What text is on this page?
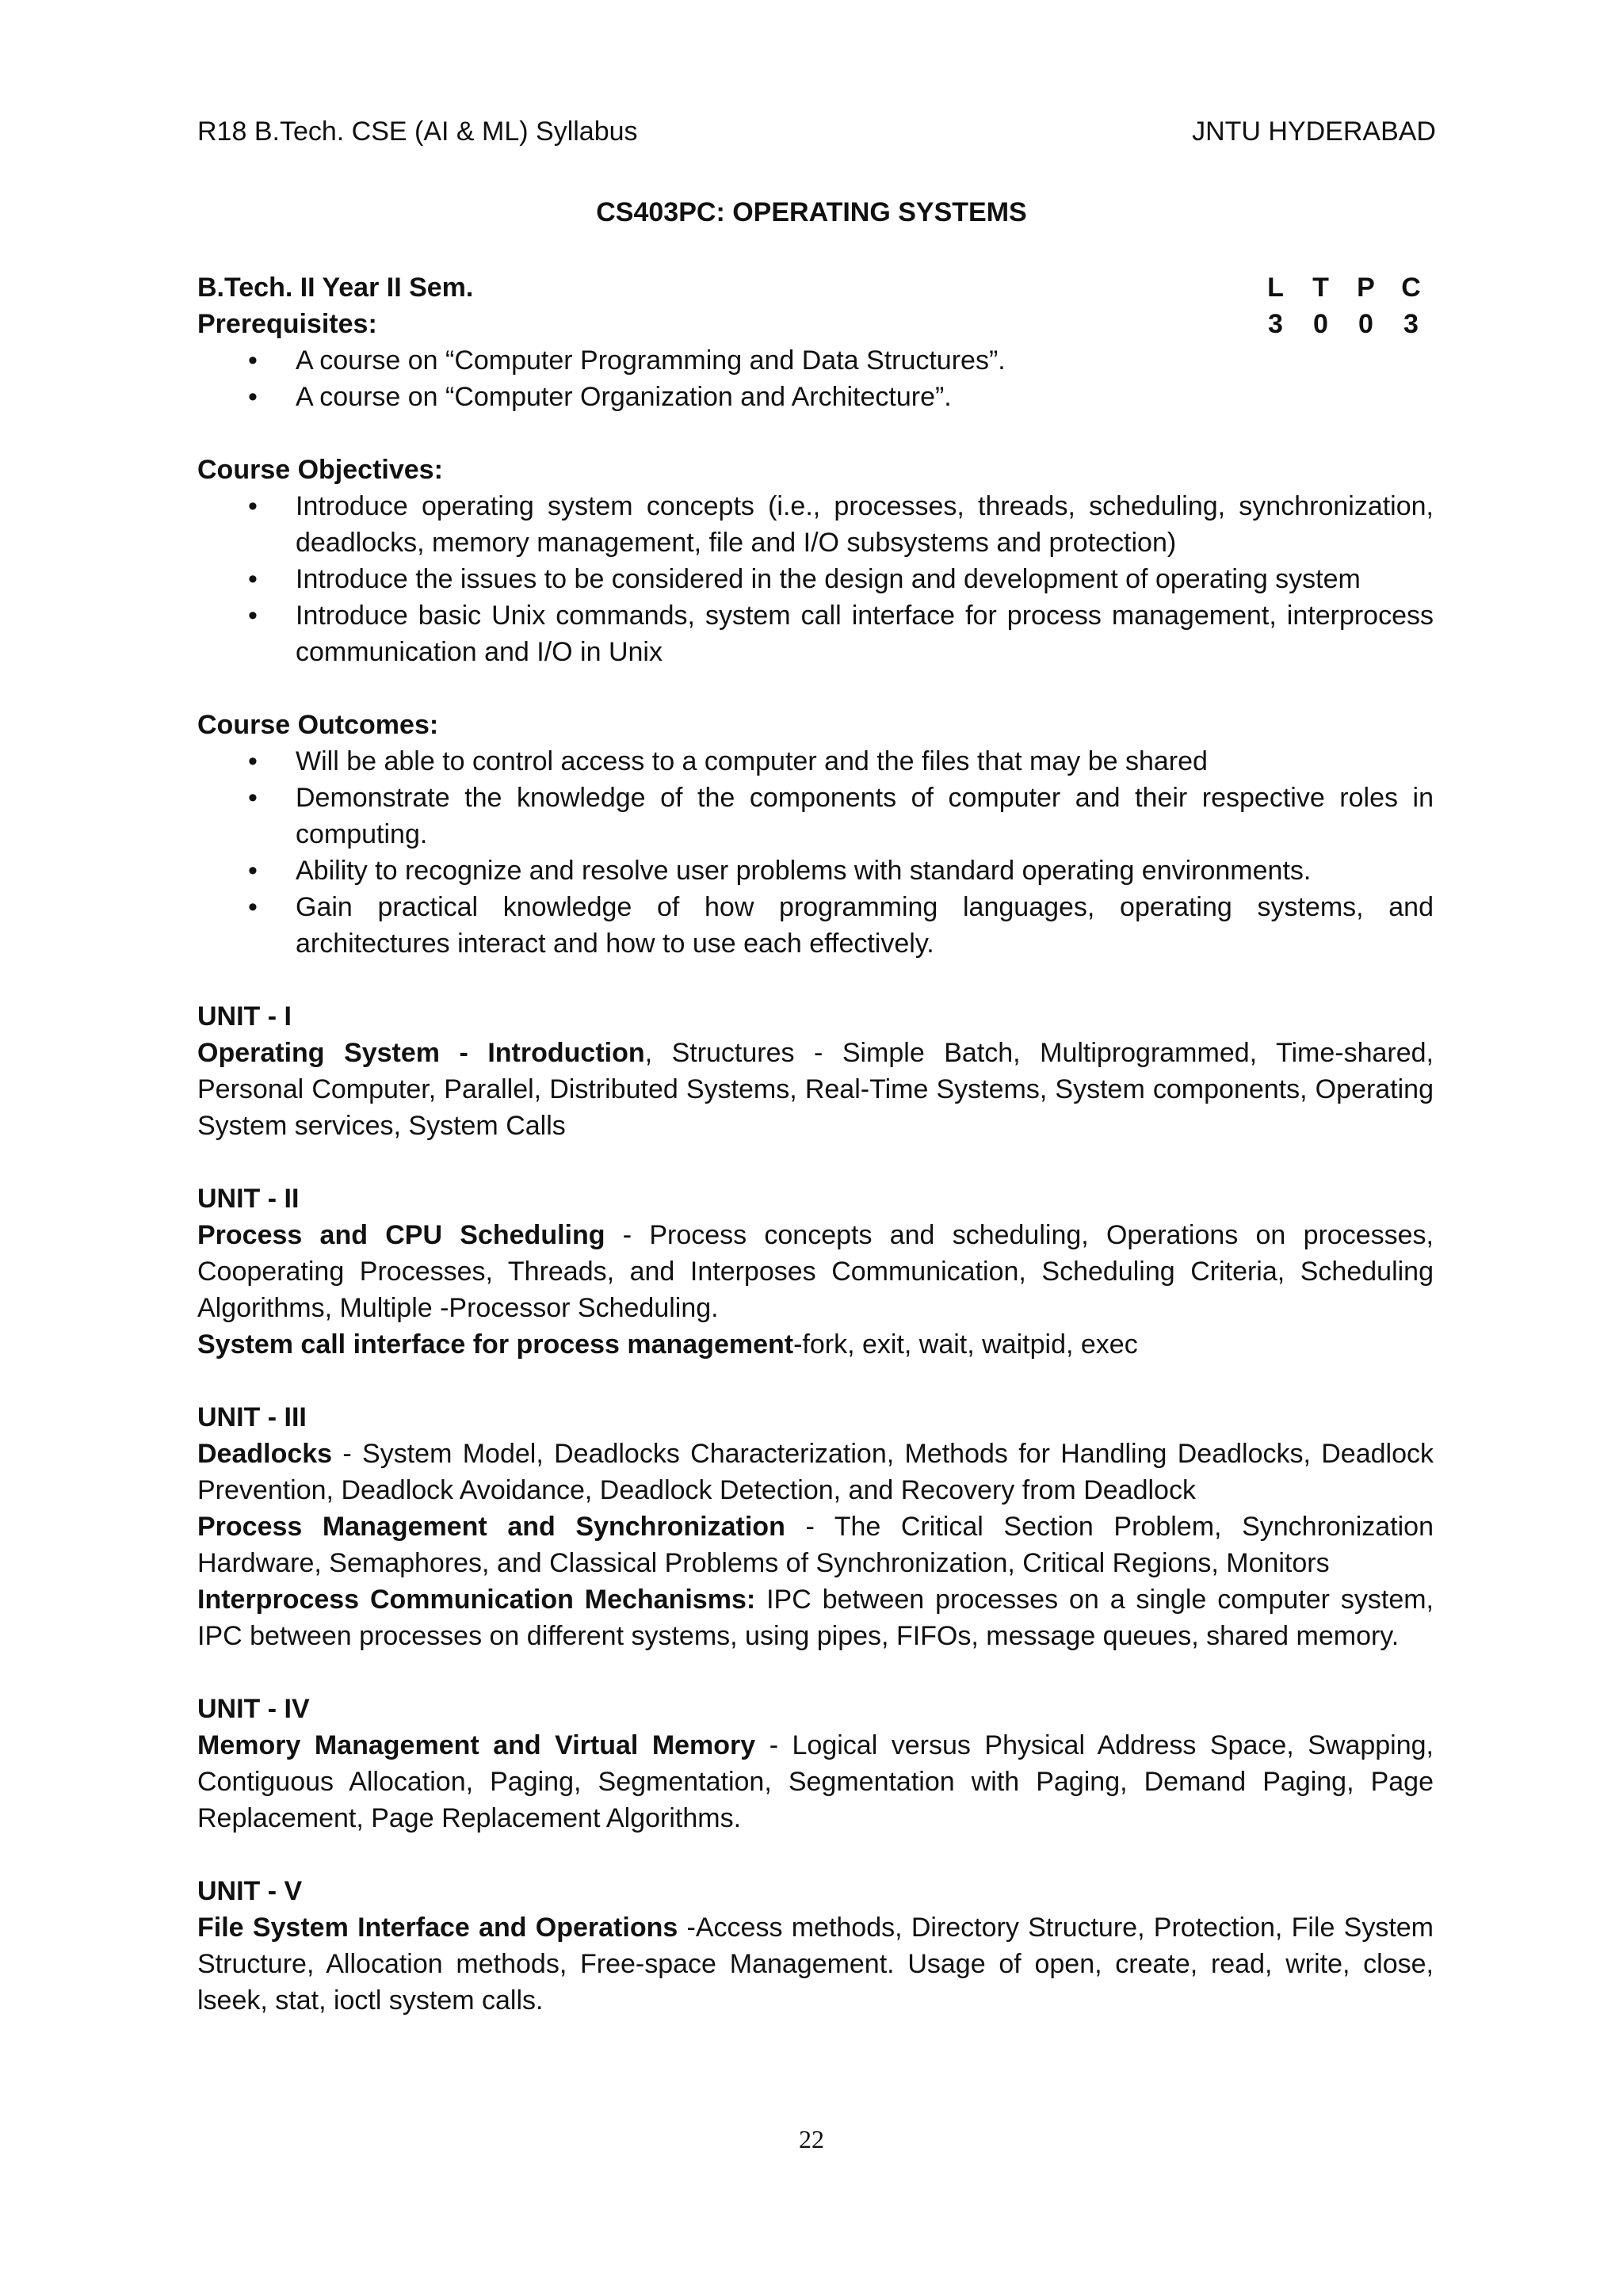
R18 B.Tech. CSE (AI & ML) Syllabus	JNTU HYDERABAD
CS403PC: OPERATING SYSTEMS
B.Tech. II Year II Sem.	L	T	P C
3	0	0	3
Prerequisites:
• A course on “Computer Programming and Data Structures”.
• A course on “Computer Organization and Architecture”.
Course Objectives:
• Introduce operating system concepts (i.e., processes, threads, scheduling, synchronization, deadlocks, memory management, file and I/O subsystems and protection)
• Introduce the issues to be considered in the design and development of operating system
• Introduce basic Unix commands, system call interface for process management, interprocess communication and I/O in Unix
Course Outcomes:
• Will be able to control access to a computer and the files that may be shared
• Demonstrate the knowledge of the components of computer and their respective roles in computing.
• Ability to recognize and resolve user problems with standard operating environments.
• Gain practical knowledge of how programming languages, operating systems, and architectures interact and how to use each effectively.
UNIT - I

Operating System - Introduction, Structures - Simple Batch, Multiprogrammed, Time-shared, Personal Computer, Parallel, Distributed Systems, Real-Time Systems, System components, Operating System services, System Calls

UNIT - II

Process and CPU Scheduling - Process concepts and scheduling, Operations on processes, Cooperating Processes, Threads, and Interposes Communication, Scheduling Criteria, Scheduling Algorithms, Multiple -Processor Scheduling.

System call interface for process management-fork, exit, wait, waitpid, exec

UNIT - III

Deadlocks - System Model, Deadlocks Characterization, Methods for Handling Deadlocks, Deadlock Prevention, Deadlock Avoidance, Deadlock Detection, and Recovery from Deadlock

Process Management and Synchronization - The Critical Section Problem, Synchronization Hardware, Semaphores, and Classical Problems of Synchronization, Critical Regions, Monitors

Interprocess Communication Mechanisms: IPC between processes on a single computer system, IPC between processes on different systems, using pipes, FIFOs, message queues, shared memory.

UNIT - IV

Memory Management and Virtual Memory - Logical versus Physical Address Space, Swapping, Contiguous Allocation, Paging, Segmentation, Segmentation with Paging, Demand Paging, Page Replacement, Page Replacement Algorithms.

UNIT - V

File System Interface and Operations -Access methods, Directory Structure, Protection, File System Structure, Allocation methods, Free-space Management. Usage of open, create, read, write, close, lseek, stat, ioctl system calls.

22
